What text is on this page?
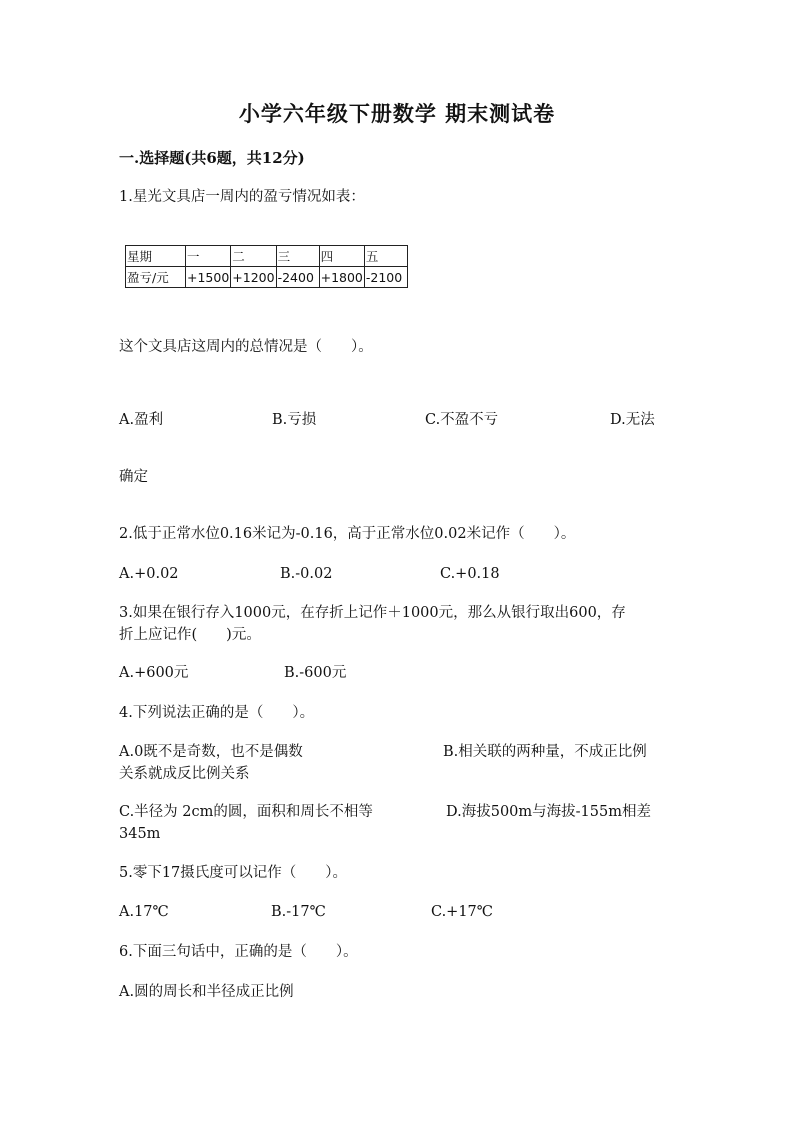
小学六年级下册数学 期末测试卷
一.选择题(共6题，共12分)
1.星光文具店一周内的盈亏情况如表：
星期	一	二	三	四	五
盈亏/元	+1500	+1200	-2400	+1800	-2100
这个文具店这周内的总情况是（　　）。
A.盈利	B.亏损	C.不盈不亏	D.无法
确定
2.低于正常水位0.16米记为-0.16，高于正常水位0.02米记作（　　）。
A.+0.02	B.-0.02	C.+0.18
3.如果在银行存入1000元，在存折上记作＋1000元，那么从银行取出600，存
折上应记作(　　)元。
A.+600元	B.-600元
4.下列说法正确的是（　　）。
A.0既不是奇数，也不是偶数	B.相关联的两种量，不成正比例
关系就成反比例关系
C.半径为 2cm的圆，面积和周长不相等	D.海拔500m与海拔-155m相差
345m
5.零下17摄氏度可以记作（　　）。
A.17℃	B.-17℃	C.+17℃
6.下面三句话中，正确的是（　　）。
A.圆的周长和半径成正比例
